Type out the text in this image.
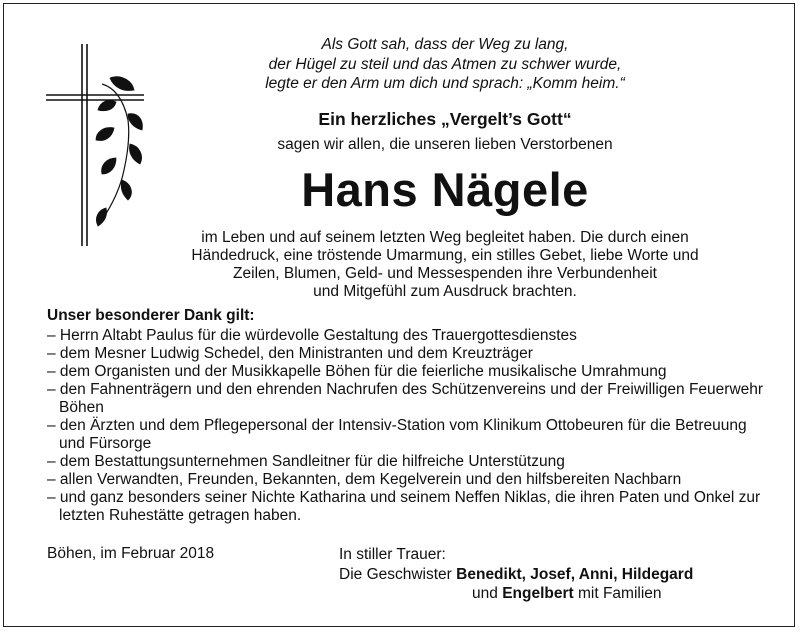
Als Gott sah, dass der Weg zu lang,
der Hügel zu steil und das Atmen zu schwer wurde,
legte er den Arm um dich und sprach: „Komm heim.“
Ein herzliches „Vergelt’s Gott“
sagen wir allen, die unseren lieben Verstorbenen
Hans Nägele
im Leben und auf seinem letzten Weg begleitet haben. Die durch einen
Händedruck, eine tröstende Umarmung, ein stilles Gebet, liebe Worte und
Zeilen, Blumen, Geld- und Messespenden ihre Verbundenheit
und Mitgefühl zum Ausdruck brachten.
Unser besonderer Dank gilt:
– Herrn Altabt Paulus für die würdevolle Gestaltung des Trauergottesdienstes
– dem Mesner Ludwig Schedel, den Ministranten und dem Kreuzträger
– dem Organisten und der Musikkapelle Böhen für die feierliche musikalische Umrahmung
– den Fahnenträgern und den ehrenden Nachrufen des Schützenvereins und der Freiwilligen Feuerwehr Böhen
– den Ärzten und dem Pflegepersonal der Intensiv-Station vom Klinikum Ottobeuren für die Betreuung und Fürsorge
– dem Bestattungsunternehmen Sandleitner für die hilfreiche Unterstützung
– allen Verwandten, Freunden, Bekannten, dem Kegelverein und den hilfsbereiten Nachbarn
– und ganz besonders seiner Nichte Katharina und seinem Neffen Niklas, die ihren Paten und Onkel zur letzten Ruhestätte getragen haben.
Böhen, im Februar 2018	In stiller Trauer:
Die Geschwister Benedikt, Josef, Anni, Hildegard
und Engelbert mit Familien
